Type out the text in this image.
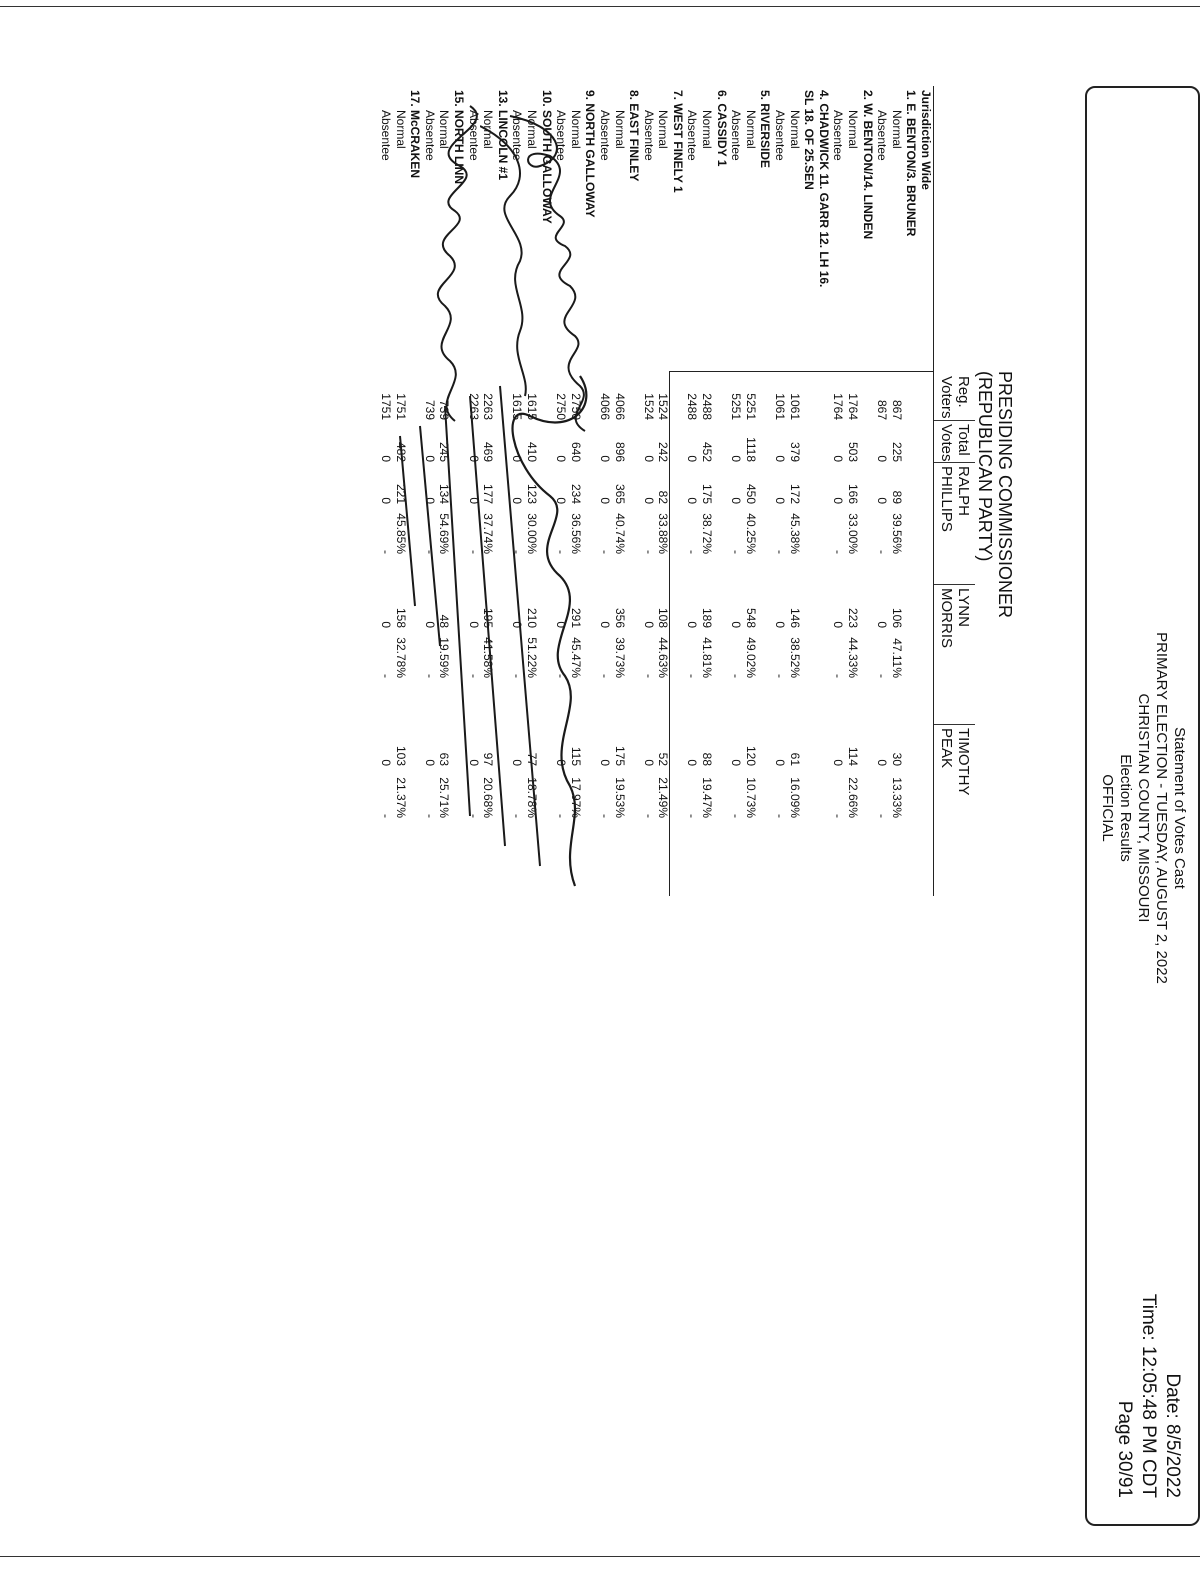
Statement of Votes Cast
PRIMARY ELECTION - TUESDAY, AUGUST 2, 2022
CHRISTIAN COUNTY, MISSOURI
Election Results
OFFICIAL
Date: 8/5/2022
Time: 12:05:48 PM CDT
Page 30/91
PRESIDING COMMISSIONER
(REPUBLICAN PARTY)
Reg.
Voters
Total
Votes
RALPH
PHILLIPS
LYNN
MORRIS
TIMOTHY
PEAK
Jurisdiction Wide
1. E. BENTON/3. BRUNER
Normal
867
225
89
39.56%
106
47.11%
30
13.33%
Absentee
867
0
0
-
0
-
0
-
2. W. BENTON/14. LINDEN
Normal
1764
503
166
33.00%
223
44.33%
114
22.66%
Absentee
1764
0
0
-
0
-
0
-
4. CHADWICK 11. GARR 12. LH 16.
SL 18. OF 25.SEN
Normal
1061
379
172
45.38%
146
38.52%
61
16.09%
Absentee
1061
0
0
-
0
-
0
-
5. RIVERSIDE
Normal
5251
1118
450
40.25%
548
49.02%
120
10.73%
Absentee
5251
0
0
-
0
-
0
-
6. CASSIDY 1
Normal
2488
452
175
38.72%
189
41.81%
88
19.47%
Absentee
2488
0
0
-
0
-
0
-
7. WEST FINELY 1
Normal
1524
242
82
33.88%
108
44.63%
52
21.49%
Absentee
1524
0
0
-
0
-
0
-
8. EAST FINLEY
Normal
4066
896
365
40.74%
356
39.73%
175
19.53%
Absentee
4066
0
0
-
0
-
0
-
9. NORTH GALLOWAY
Normal
2750
640
234
36.56%
291
45.47%
115
17.97%
Absentee
2750
0
0
-
0
-
0
-
10. SOUTH GALLOWAY
Normal
1615
410
123
30.00%
210
51.22%
77
18.78%
Absentee
1615
0
0
-
0
-
0
-
13. LINCOLN #1
Normal
2263
469
177
37.74%
195
41.58%
97
20.68%
Absentee
2263
0
0
-
0
-
0
-
15. NORTH LINN
Normal
739
245
134
54.69%
48
19.59%
63
25.71%
Absentee
739
0
0
-
0
-
0
-
17. McCRAKEN
Normal
1751
482
221
45.85%
158
32.78%
103
21.37%
Absentee
1751
0
0
-
0
-
0
-
